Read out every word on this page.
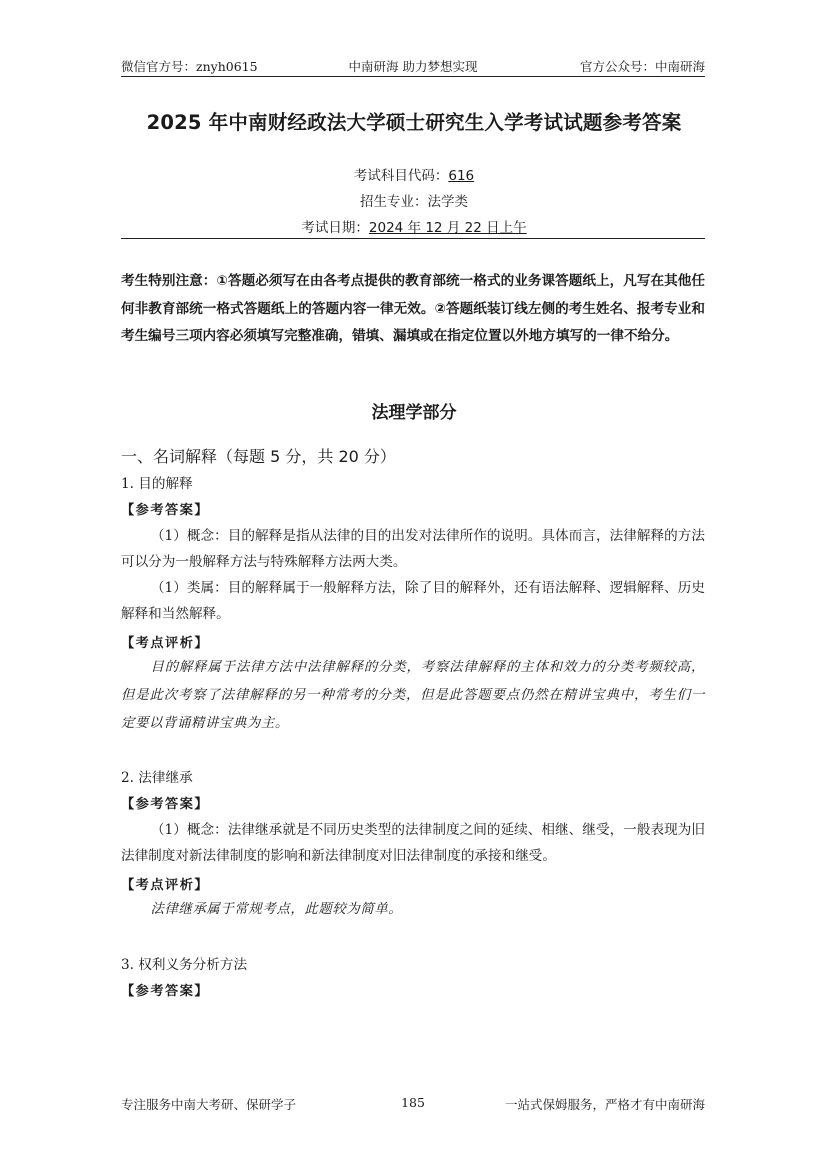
微信官方号：znyh0615	中南研海 助力梦想实现	官方公众号：中南研海
2025 年中南财经政法大学硕士研究生入学考试试题参考答案
考试科目代码：616
招生专业：法学类
考试日期：2024 年 12 月 22 日上午
考生特别注意：①答题必须写在由各考点提供的教育部统一格式的业务课答题纸上，凡写在其他任何非教育部统一格式答题纸上的答题内容一律无效。②答题纸装订线左侧的考生姓名、报考专业和考生编号三项内容必须填写完整准确，错填、漏填或在指定位置以外地方填写的一律不给分。
法理学部分
一、名词解释（每题 5 分，共 20 分）
1. 目的解释
【参考答案】
（1）概念：目的解释是指从法律的目的出发对法律所作的说明。具体而言，法律解释的方法可以分为一般解释方法与特殊解释方法两大类。
（1）类属：目的解释属于一般解释方法，除了目的解释外，还有语法解释、逻辑解释、历史解释和当然解释。
【考点评析】
目的解释属于法律方法中法律解释的分类，考察法律解释的主体和效力的分类考频较高，但是此次考察了法律解释的另一种常考的分类，但是此答题要点仍然在精讲宝典中，考生们一定要以背诵精讲宝典为主。
2. 法律继承
【参考答案】
（1）概念：法律继承就是不同历史类型的法律制度之间的延续、相继、继受，一般表现为旧法律制度对新法律制度的影响和新法律制度对旧法律制度的承接和继受。
【考点评析】
法律继承属于常规考点，此题较为简单。
3. 权利义务分析方法
【参考答案】
专注服务中南大考研、保研学子	185	一站式保姆服务，严格才有中南研海
